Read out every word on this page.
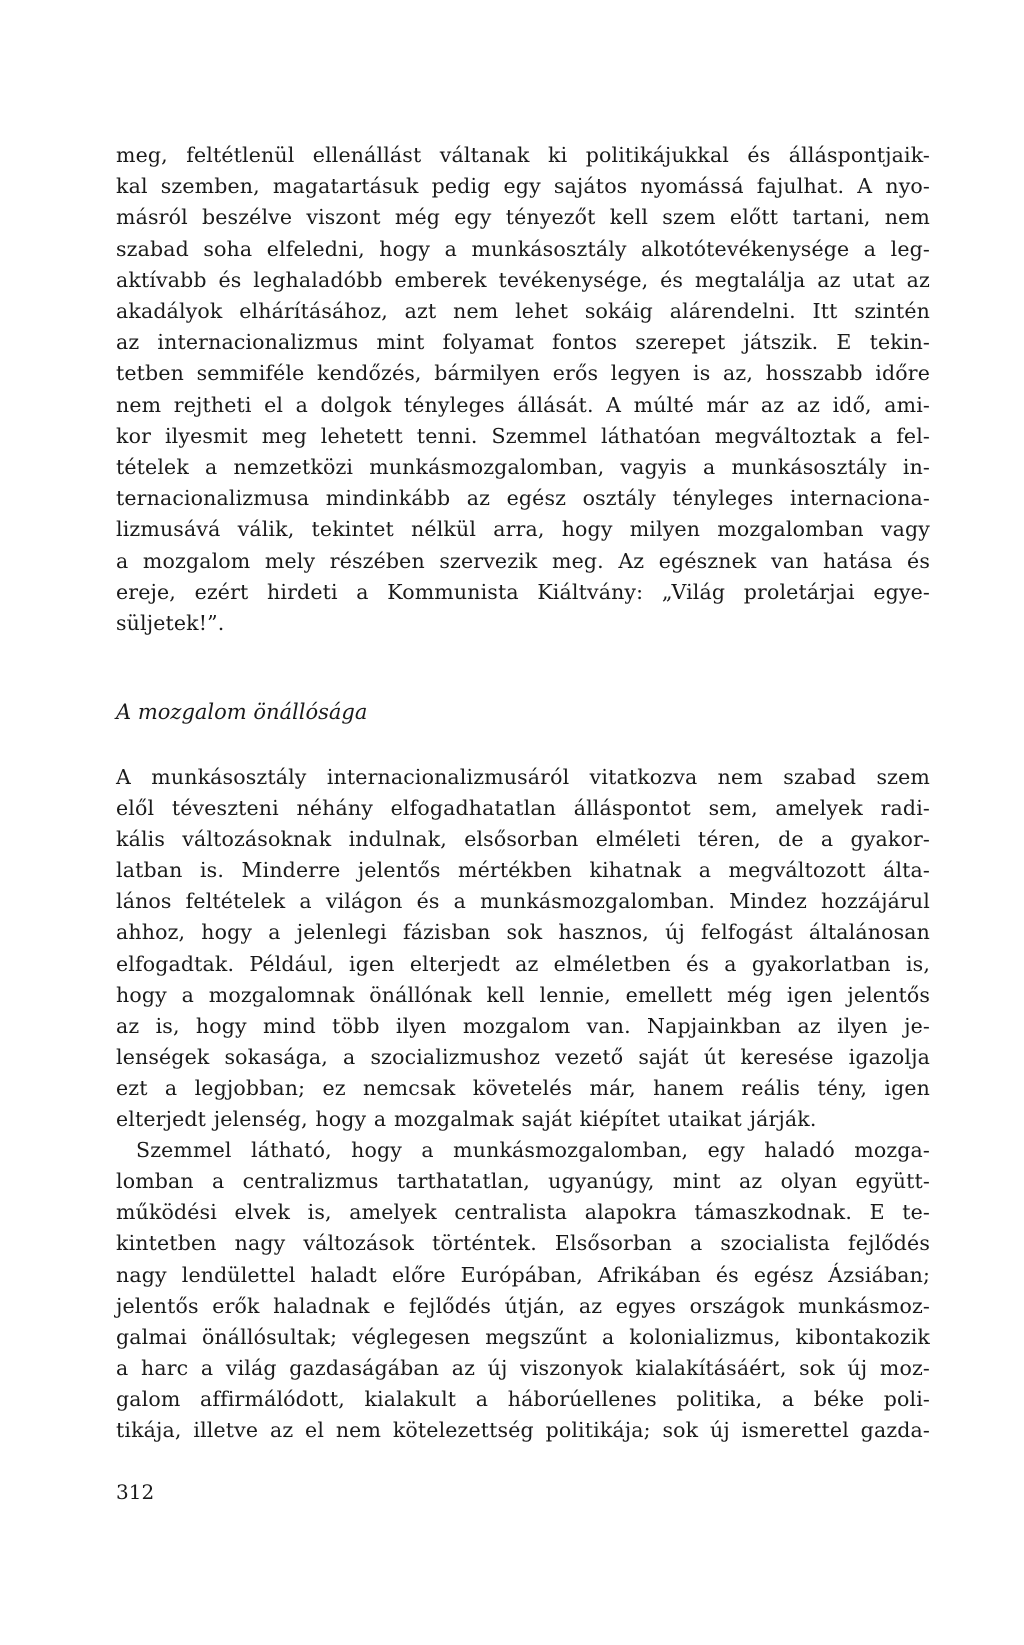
meg, feltétlenül ellenállást váltanak ki politikájukkal és álláspontjaik-
kal szemben, magatartásuk pedig egy sajátos nyomássá fajulhat. A nyo-
másról beszélve viszont még egy tényezőt kell szem előtt tartani, nem
szabad soha elfeledni, hogy a munkásosztály alkotótevékenysége a leg-
aktívabb és leghaladóbb emberek tevékenysége, és megtalálja az utat az
akadályok elhárításához, azt nem lehet sokáig alárendelni. Itt szintén
az internacionalizmus mint folyamat fontos szerepet játszik. E tekin-
tetben semmiféle kendőzés, bármilyen erős legyen is az, hosszabb időre
nem rejtheti el a dolgok tényleges állását. A múlté már az az idő, ami-
kor ilyesmit meg lehetett tenni. Szemmel láthatóan megváltoztak a fel-
tételek a nemzetközi munkásmozgalomban, vagyis a munkásosztály in-
ternacionalizmusa mindinkább az egész osztály tényleges internaciona-
lizmusává válik, tekintet nélkül arra, hogy milyen mozgalomban vagy
a mozgalom mely részében szervezik meg. Az egésznek van hatása és
ereje, ezért hirdeti a Kommunista Kiáltvány: „Világ proletárjai egye-
süljetek!”.
A mozgalom önállósága
A munkásosztály internacionalizmusáról vitatkozva nem szabad szem
elől téveszteni néhány elfogadhatatlan álláspontot sem, amelyek radi-
kális változásoknak indulnak, elsősorban elméleti téren, de a gyakor-
latban is. Minderre jelentős mértékben kihatnak a megváltozott álta-
lános feltételek a világon és a munkásmozgalomban. Mindez hozzájárul
ahhoz, hogy a jelenlegi fázisban sok hasznos, új felfogást általánosan
elfogadtak. Például, igen elterjedt az elméletben és a gyakorlatban is,
hogy a mozgalomnak önállónak kell lennie, emellett még igen jelentős
az is, hogy mind több ilyen mozgalom van. Napjainkban az ilyen je-
lenségek sokasága, a szocializmushoz vezető saját út keresése igazolja
ezt a legjobban; ez nemcsak követelés már, hanem reális tény, igen
elterjedt jelenség, hogy a mozgalmak saját kiépítet utaikat járják.
Szemmel látható, hogy a munkásmozgalomban, egy haladó mozga-
lomban a centralizmus tarthatatlan, ugyanúgy, mint az olyan együtt-
működési elvek is, amelyek centralista alapokra támaszkodnak. E te-
kintetben nagy változások történtek. Elsősorban a szocialista fejlődés
nagy lendülettel haladt előre Európában, Afrikában és egész Ázsiában;
jelentős erők haladnak e fejlődés útján, az egyes országok munkásmoz-
galmai önállósultak; véglegesen megszűnt a kolonializmus, kibontakozik
a harc a világ gazdaságában az új viszonyok kialakításáért, sok új moz-
galom affirmálódott, kialakult a háborúellenes politika, a béke poli-
tikája, illetve az el nem kötelezettség politikája; sok új ismerettel gazda-
312
